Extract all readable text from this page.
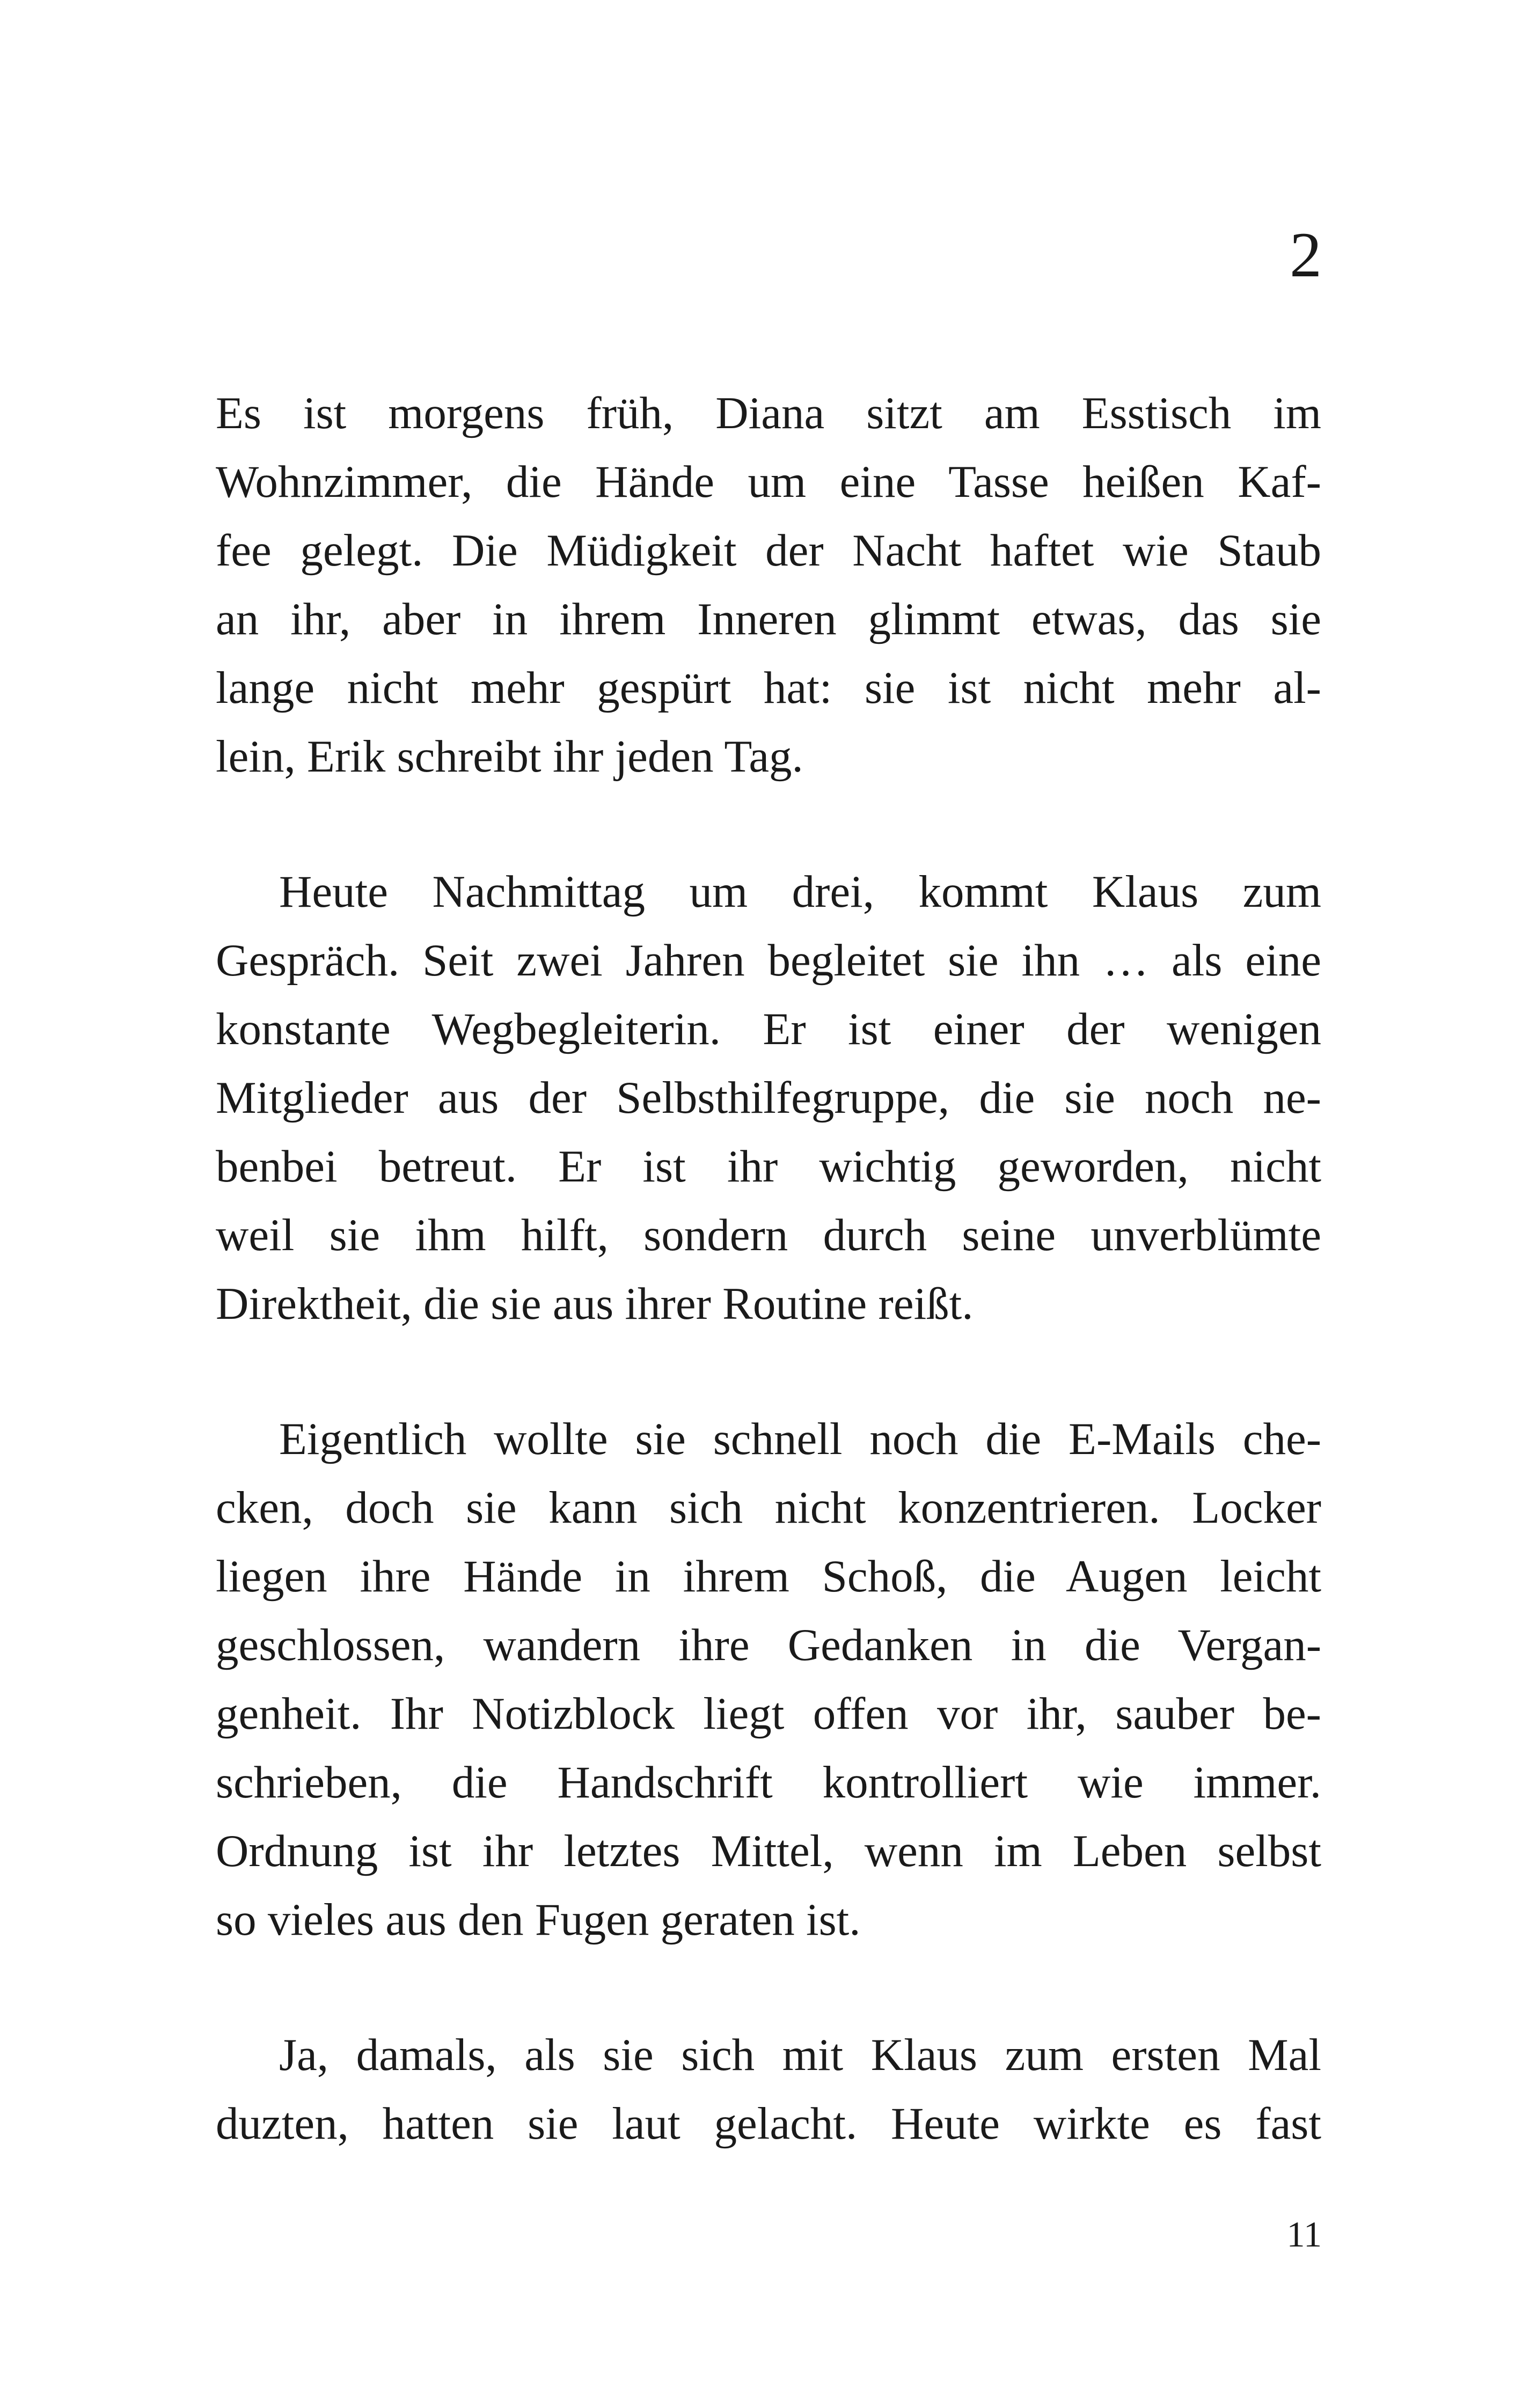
2

Es ist morgens früh, Diana sitzt am Esstisch im
Wohnzimmer, die Hände um eine Tasse heißen Kaf-
fee gelegt. Die Müdigkeit der Nacht haftet wie Staub
an ihr, aber in ihrem Inneren glimmt etwas, das sie
lange nicht mehr gespürt hat: sie ist nicht mehr al-
lein, Erik schreibt ihr jeden Tag.

Heute Nachmittag um drei, kommt Klaus zum
Gespräch. Seit zwei Jahren begleitet sie ihn … als eine
konstante Wegbegleiterin. Er ist einer der wenigen
Mitglieder aus der Selbsthilfegruppe, die sie noch ne-
benbei betreut. Er ist ihr wichtig geworden, nicht
weil sie ihm hilft, sondern durch seine unverblümte
Direktheit, die sie aus ihrer Routine reißt.

Eigentlich wollte sie schnell noch die E-Mails che-
cken, doch sie kann sich nicht konzentrieren. Locker
liegen ihre Hände in ihrem Schoß, die Augen leicht
geschlossen, wandern ihre Gedanken in die Vergan-
genheit. Ihr Notizblock liegt offen vor ihr, sauber be-
schrieben, die Handschrift kontrolliert wie immer.
Ordnung ist ihr letztes Mittel, wenn im Leben selbst
so vieles aus den Fugen geraten ist.

Ja, damals, als sie sich mit Klaus zum ersten Mal
duzten, hatten sie laut gelacht. Heute wirkte es fast

11
